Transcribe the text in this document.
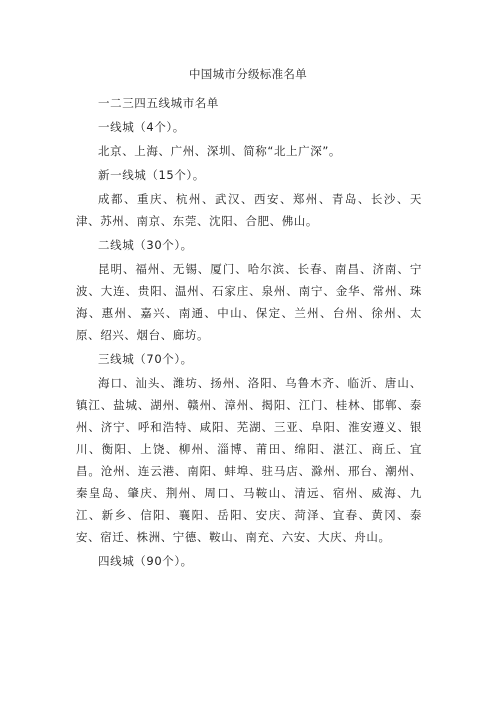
中国城市分级标准名单

一二三四五线城市名单

一线城（4个）。

北京、上海、广州、深圳、简称“北上广深”。

新一线城（15个）。

成都、重庆、杭州、武汉、西安、郑州、青岛、长沙、天津、苏州、南京、东莞、沈阳、合肥、佛山。

二线城（30个）。

昆明、福州、无锡、厦门、哈尔滨、长春、南昌、济南、宁波、大连、贵阳、温州、石家庄、泉州、南宁、金华、常州、珠海、惠州、嘉兴、南通、中山、保定、兰州、台州、徐州、太原、绍兴、烟台、廊坊。

三线城（70个）。

海口、汕头、潍坊、扬州、洛阳、乌鲁木齐、临沂、唐山、镇江、盐城、湖州、赣州、漳州、揭阳、江门、桂林、邯郸、泰州、济宁、呼和浩特、咸阳、芜湖、三亚、阜阳、淮安遵义、银川、衡阳、上饶、柳州、淄博、莆田、绵阳、湛江、商丘、宜昌。沧州、连云港、南阳、蚌埠、驻马店、滁州、邢台、潮州、秦皇岛、肇庆、荆州、周口、马鞍山、清远、宿州、威海、九江、新乡、信阳、襄阳、岳阳、安庆、菏泽、宜春、黄冈、泰安、宿迁、株洲、宁德、鞍山、南充、六安、大庆、舟山。

四线城（90个）。
